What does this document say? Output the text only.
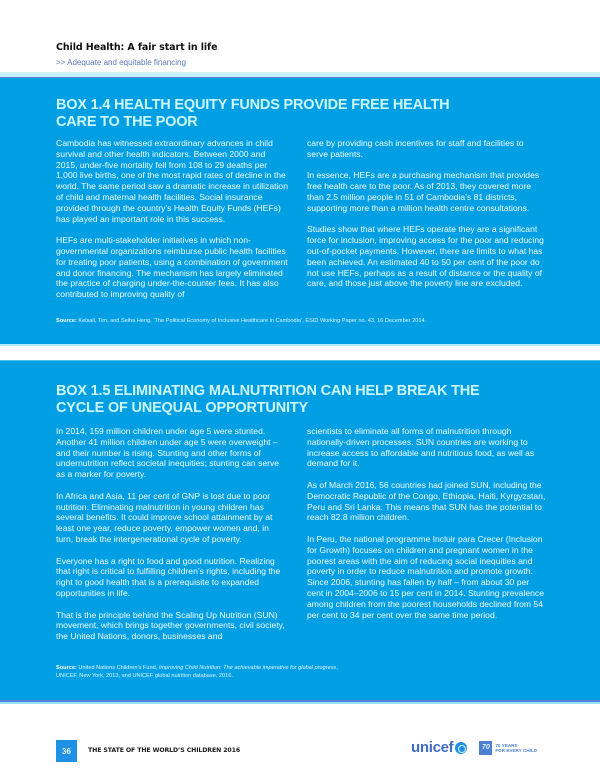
Child Health: A fair start in life
>> Adequate and equitable financing
BOX 1.4 HEALTH EQUITY FUNDS PROVIDE FREE HEALTH CARE TO THE POOR

Cambodia has witnessed extraordinary advances in child survival and other health indicators. Between 2000 and 2015, under-five mortality fell from 108 to 29 deaths per 1,000 live births, one of the most rapid rates of decline in the world. The same period saw a dramatic increase in utilization of child and maternal health facilities. Social insurance provided through the country’s Health Equity Funds (HEFs) has played an important role in this success.

HEFs are multi-stakeholder initiatives in which non-governmental organizations reimburse public health facilities for treating poor patients, using a combination of government and donor financing. The mechanism has largely eliminated the practice of charging under-the-counter fees. It has also contributed to improving quality of

care by providing cash incentives for staff and facilities to serve patients.

In essence, HEFs are a purchasing mechanism that provides free health care to the poor. As of 2013, they covered more than 2.5 million people in 51 of Cambodia’s 81 districts, supporting more than a million health centre consultations.

Studies show that where HEFs operate they are a significant force for inclusion, improving access for the poor and reducing out-of-pocket payments. However, there are limits to what has been achieved. An estimated 40 to 50 per cent of the poor do not use HEFs, perhaps as a result of distance or the quality of care, and those just above the poverty line are excluded.

Source: Kelsall, Tim, and Seiha Heng, ‘The Political Economy of Inclusive Healthcare in Cambodia’, ESID Working Paper no. 43, 16 December 2014.
BOX 1.5 ELIMINATING MALNUTRITION CAN HELP BREAK THE CYCLE OF UNEQUAL OPPORTUNITY

In 2014, 159 million children under age 5 were stunted. Another 41 million children under age 5 were overweight – and their number is rising. Stunting and other forms of undernutrition reflect societal inequities; stunting can serve as a marker for poverty.

In Africa and Asia, 11 per cent of GNP is lost due to poor nutrition. Eliminating malnutrition in young children has several benefits. It could improve school attainment by at least one year, reduce poverty, empower women and, in turn, break the intergenerational cycle of poverty.

Everyone has a right to food and good nutrition. Realizing that right is critical to fulfilling children’s rights, including the right to good health that is a prerequisite to expanded opportunities in life.

That is the principle behind the Scaling Up Nutrition (SUN) movement, which brings together governments, civil society, the United Nations, donors, businesses and

scientists to eliminate all forms of malnutrition through nationally-driven processes. SUN countries are working to increase access to affordable and nutritious food, as well as demand for it.

As of March 2016, 56 countries had joined SUN, including the Democratic Republic of the Congo, Ethiopia, Haiti, Kyrgyzstan, Peru and Sri Lanka. This means that SUN has the potential to reach 82.8 million children.

In Peru, the national programme Incluir para Crecer (Inclusion for Growth) focuses on children and pregnant women in the poorest areas with the aim of reducing social inequities and poverty in order to reduce malnutrition and promote growth. Since 2006, stunting has fallen by half – from about 30 per cent in 2004–2006 to 15 per cent in 2014. Stunting prevalence among children from the poorest households declined from 54 per cent to 34 per cent over the same time period.

Source: United Nations Children’s Fund, Improving Child Nutrition: The achievable imperative for global progress, UNICEF, New York, 2013, and UNICEF global nutrition database, 2016.
36	THE STATE OF THE WORLD’S CHILDREN 2016	unicef	70	70 YEARS
FOR EVERY CHILD
